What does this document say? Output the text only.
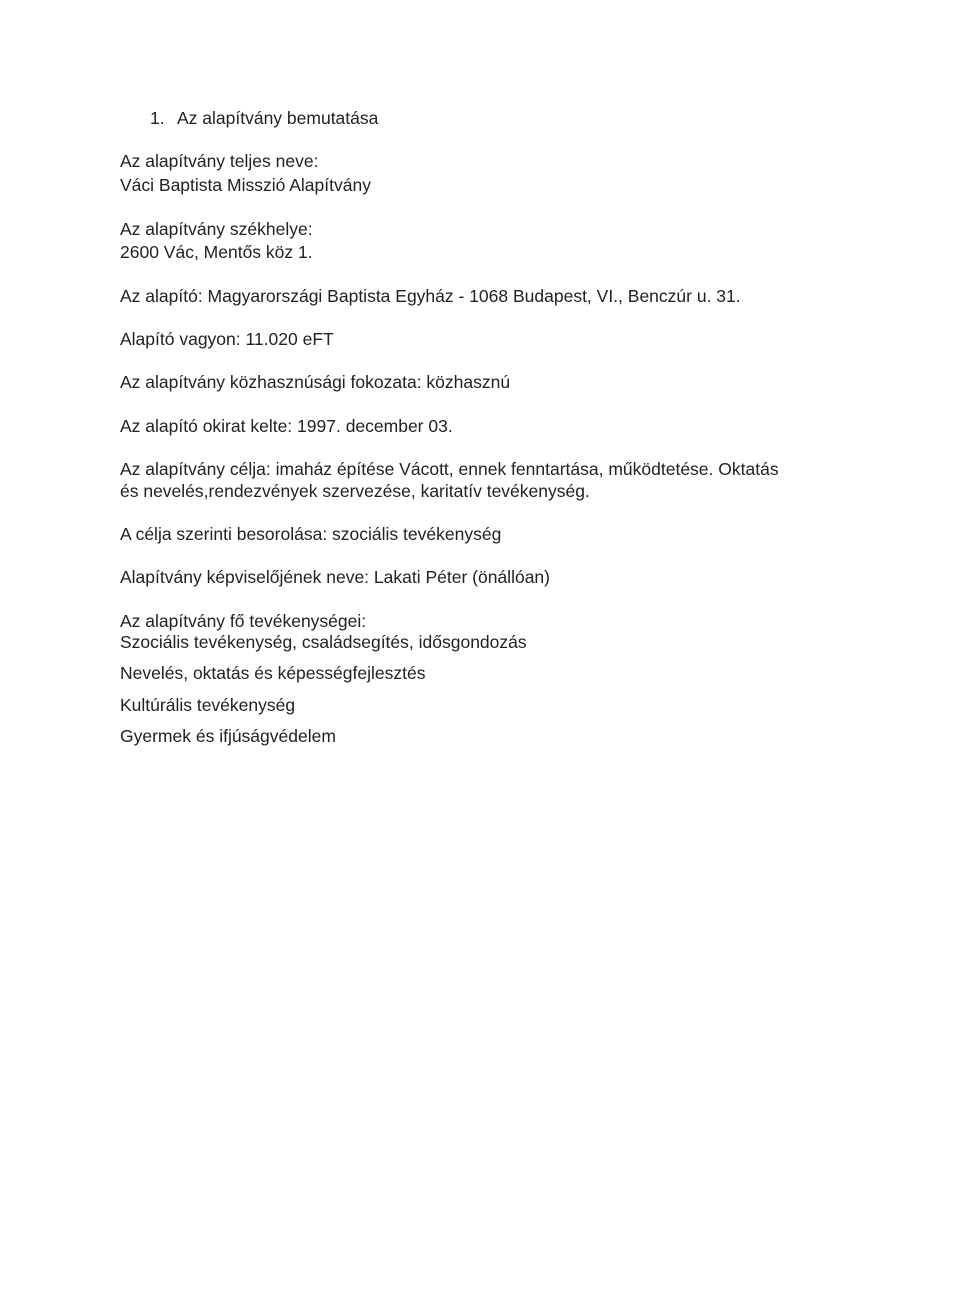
1. Az alapítvány bemutatása
Az alapítvány teljes neve:
Váci Baptista Misszió Alapítvány
Az alapítvány székhelye:
2600 Vác, Mentős köz 1.
Az alapító: Magyarországi Baptista Egyház - 1068 Budapest, VI., Benczúr u. 31.
Alapító vagyon: 11.020 eFT
Az alapítvány közhasznúsági fokozata: közhasznú
Az alapító okirat kelte: 1997. december 03.
Az alapítvány célja: imaház építése Vácott, ennek fenntartása, működtetése. Oktatás
és nevelés,rendezvények szervezése, karitatív tevékenység.
A célja szerinti besorolása: szociális tevékenység
Alapítvány képviselőjének neve: Lakati Péter (önállóan)
Az alapítvány fő tevékenységei:
Szociális tevékenység, családsegítés, idősgondozás
Nevelés, oktatás és képességfejlesztés
Kultúrális tevékenység
Gyermek és ifjúságvédelem
